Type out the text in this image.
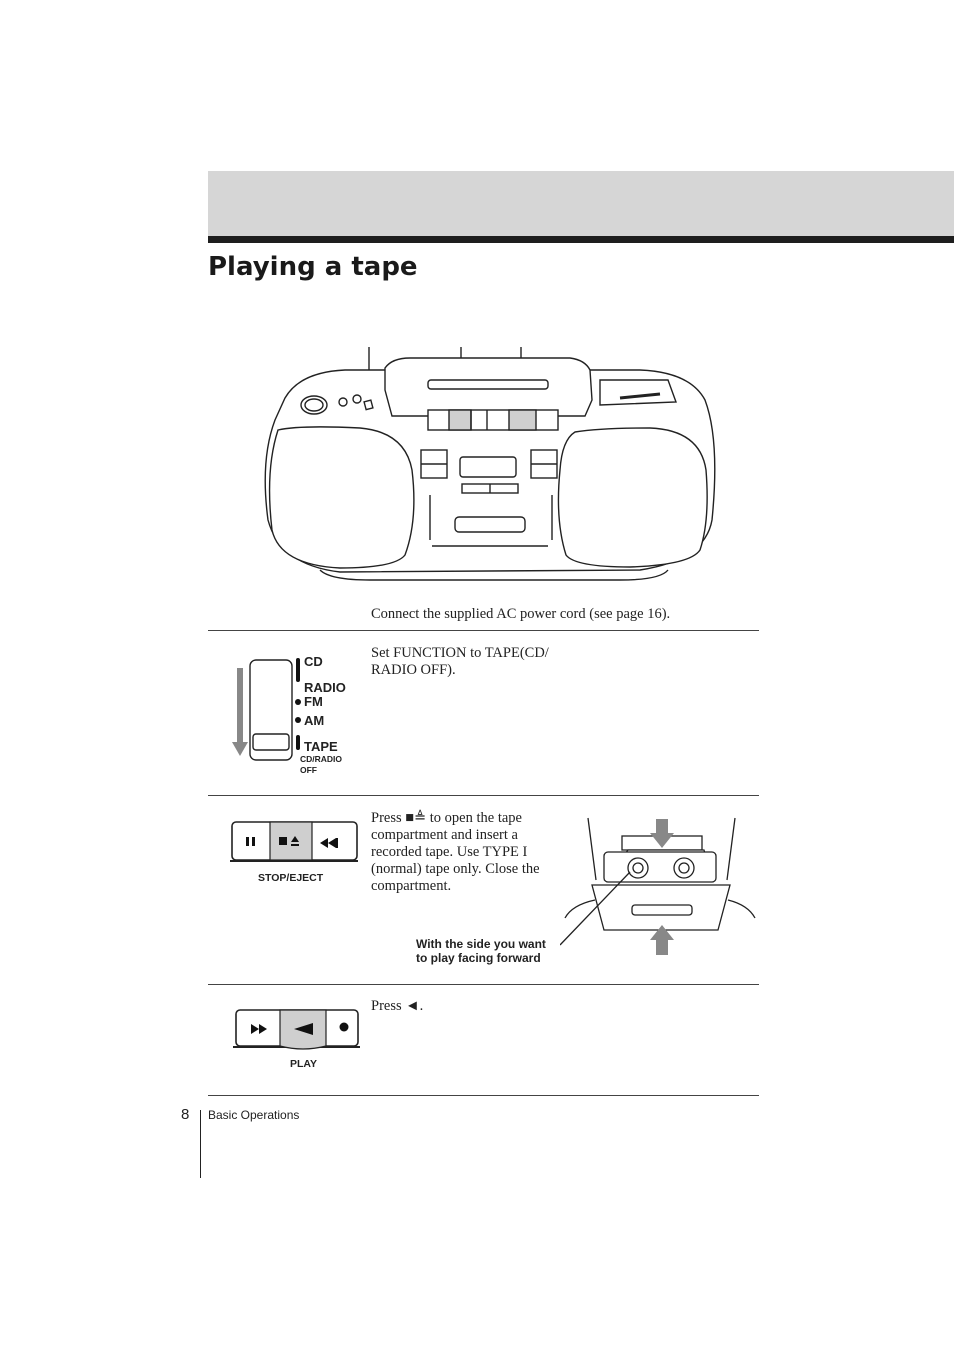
Playing a tape
Connect the supplied AC power cord (see page 16).
CD
RADIO
FM
AM
TAPE
CD/RADIO
OFF
Set FUNCTION to TAPE(CD/
RADIO OFF).
STOP/EJECT
Press ■≜ to open the tape
compartment and insert a
recorded tape. Use TYPE I
(normal) tape only. Close the
compartment.
With the side you want
to play facing forward
PLAY
Press ◄.
8 Basic Operations
